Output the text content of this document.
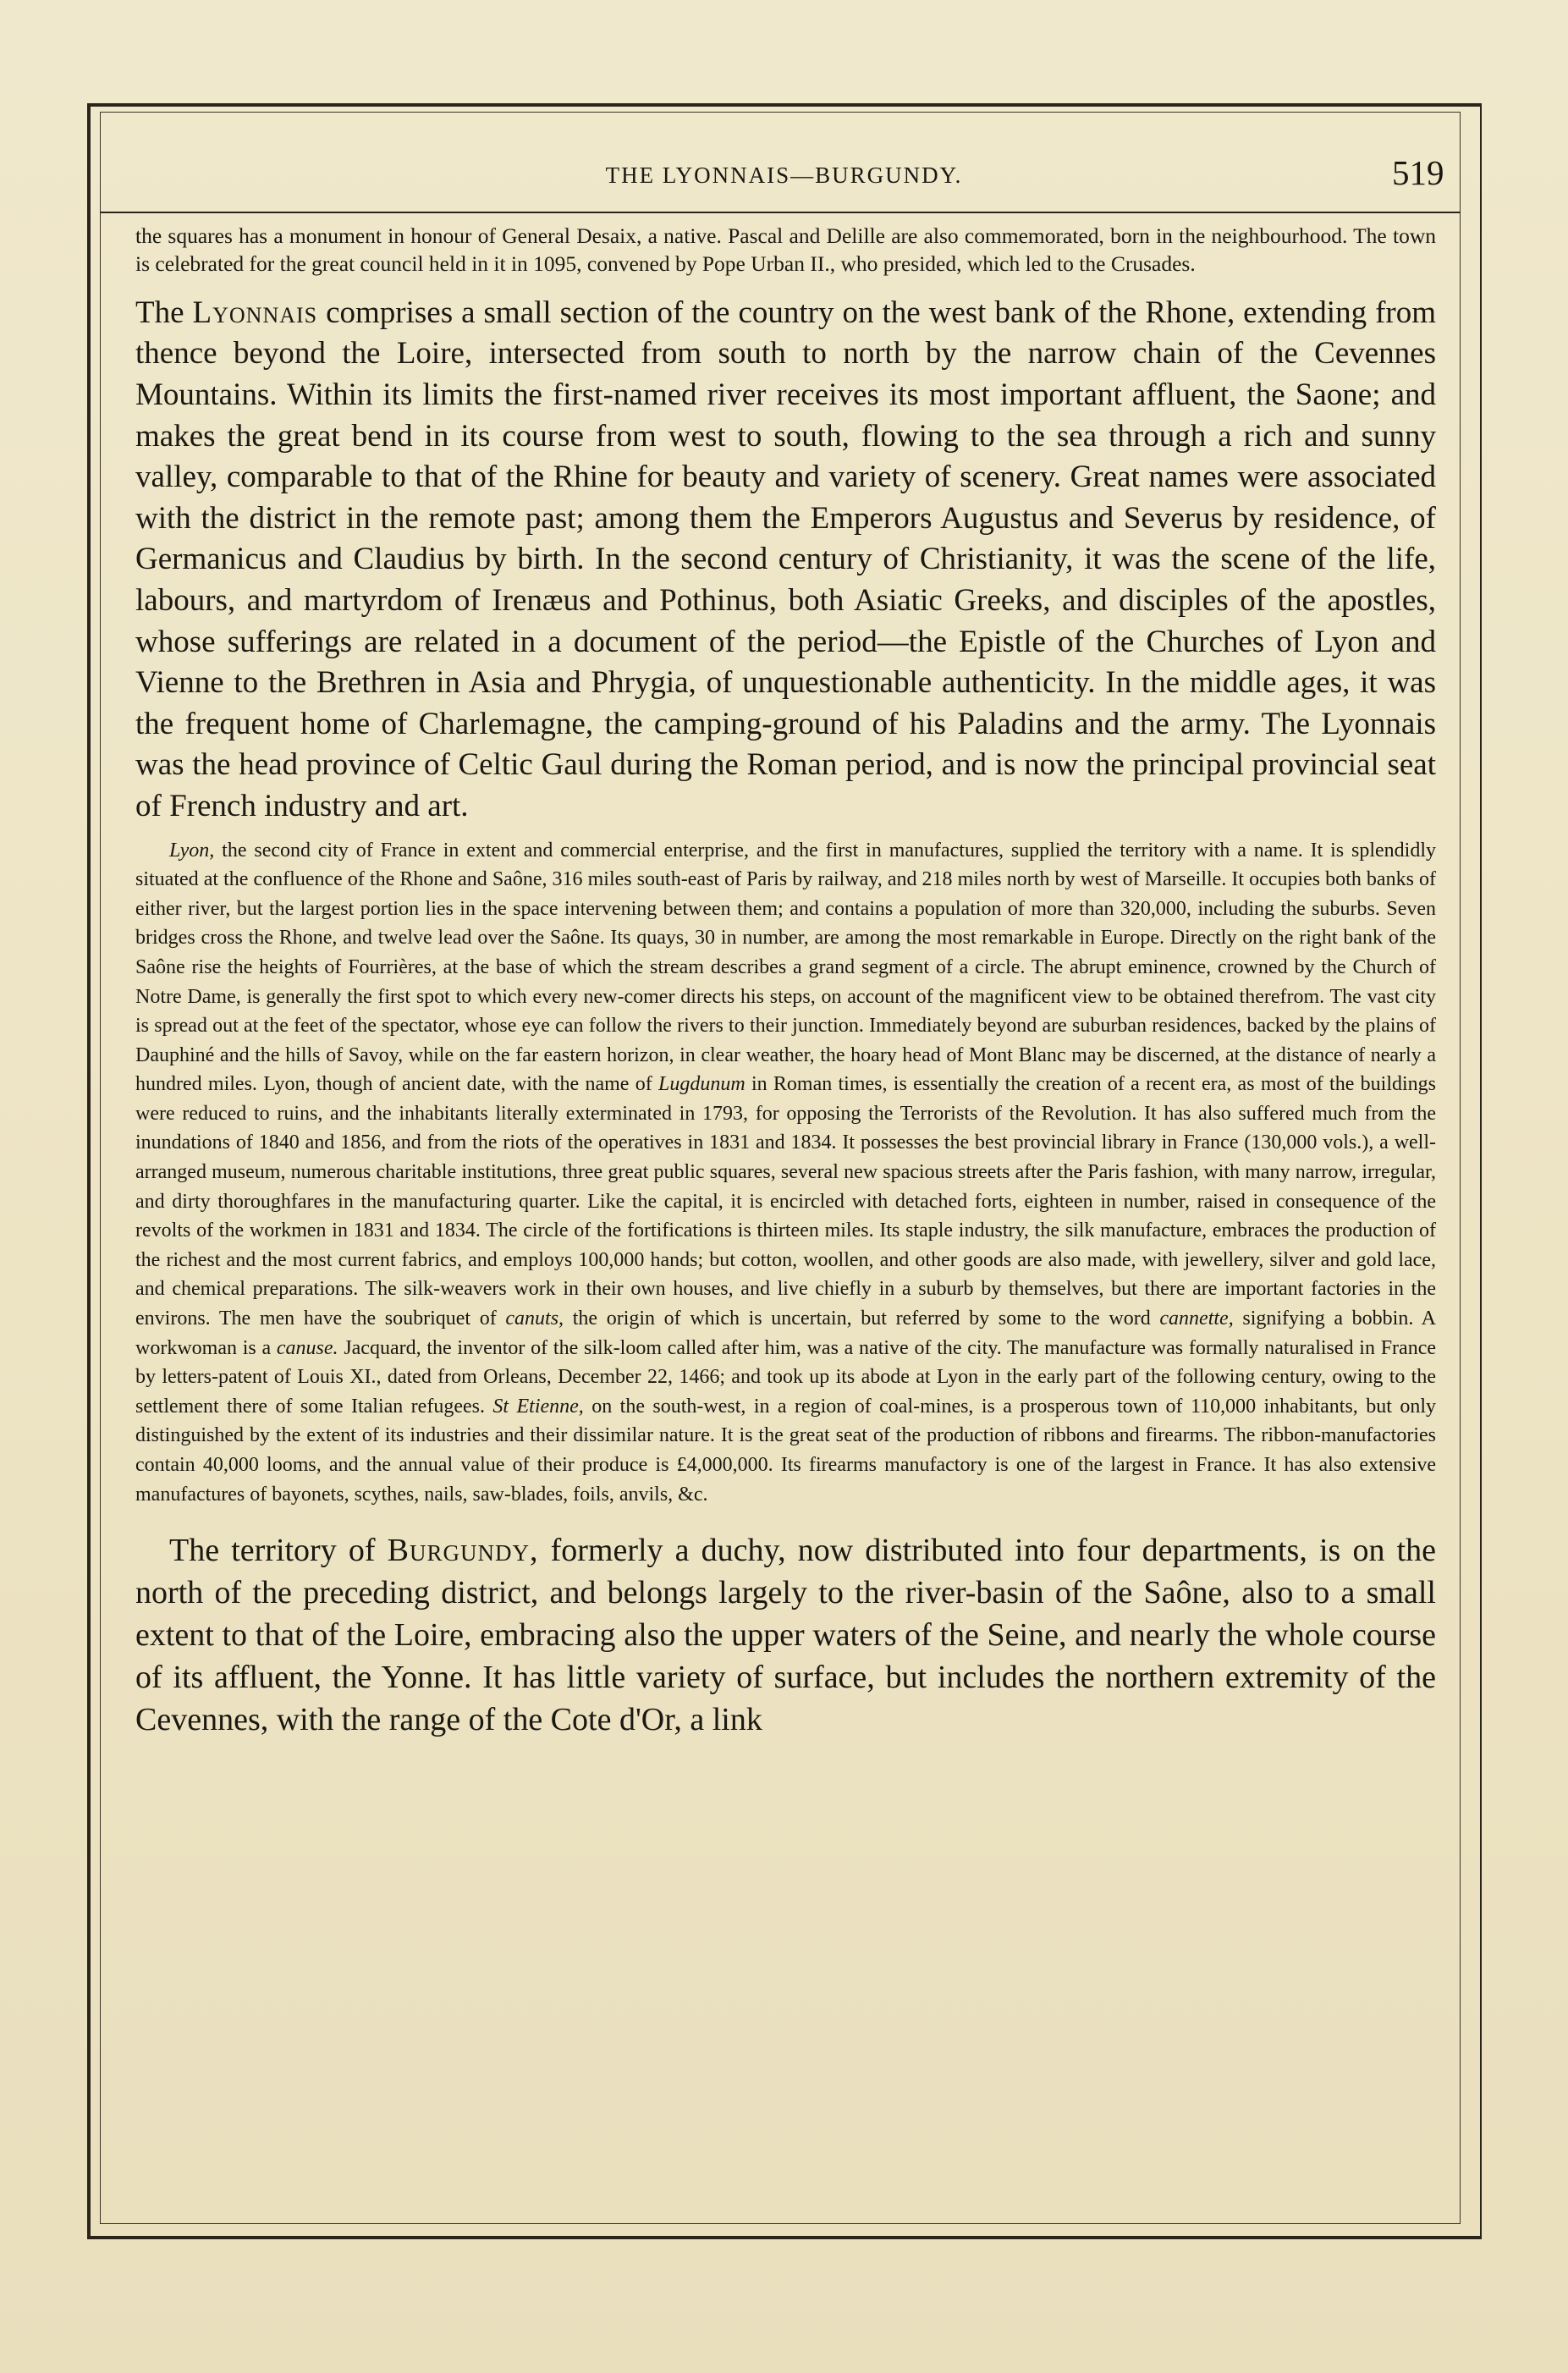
THE LYONNAIS—BURGUNDY.	519

the squares has a monument in honour of General Desaix, a native. Pascal and Delille are also commemorated, born in the neighbourhood. The town is celebrated for the great council held in it in 1095, convened by Pope Urban II., who presided, which led to the Crusades.

The Lyonnais comprises a small section of the country on the west bank of the Rhone, extending from thence beyond the Loire, intersected from south to north by the narrow chain of the Cevennes Mountains. Within its limits the first-named river receives its most important affluent, the Saone; and makes the great bend in its course from west to south, flowing to the sea through a rich and sunny valley, comparable to that of the Rhine for beauty and variety of scenery. Great names were associated with the district in the remote past; among them the Emperors Augustus and Severus by residence, of Germanicus and Claudius by birth. In the second century of Christianity, it was the scene of the life, labours, and martyrdom of Irenæus and Pothinus, both Asiatic Greeks, and disciples of the apostles, whose sufferings are related in a document of the period—the Epistle of the Churches of Lyon and Vienne to the Brethren in Asia and Phrygia, of unquestionable authenticity. In the middle ages, it was the frequent home of Charlemagne, the camping-ground of his Paladins and the army. The Lyonnais was the head province of Celtic Gaul during the Roman period, and is now the principal provincial seat of French industry and art.

Lyon, the second city of France in extent and commercial enterprise, and the first in manufactures, supplied the territory with a name. It is splendidly situated at the confluence of the Rhone and Saône, 316 miles south-east of Paris by railway, and 218 miles north by west of Marseille. It occupies both banks of either river, but the largest portion lies in the space intervening between them; and contains a population of more than 320,000, including the suburbs. Seven bridges cross the Rhone, and twelve lead over the Saône. Its quays, 30 in number, are among the most remarkable in Europe. Directly on the right bank of the Saône rise the heights of Fourrières, at the base of which the stream describes a grand segment of a circle. The abrupt eminence, crowned by the Church of Notre Dame, is generally the first spot to which every new-comer directs his steps, on account of the magnificent view to be obtained therefrom. The vast city is spread out at the feet of the spectator, whose eye can follow the rivers to their junction. Immediately beyond are suburban residences, backed by the plains of Dauphiné and the hills of Savoy, while on the far eastern horizon, in clear weather, the hoary head of Mont Blanc may be discerned, at the distance of nearly a hundred miles. Lyon, though of ancient date, with the name of Lugdunum in Roman times, is essentially the creation of a recent era, as most of the buildings were reduced to ruins, and the inhabitants literally exterminated in 1793, for opposing the Terrorists of the Revolution. It has also suffered much from the inundations of 1840 and 1856, and from the riots of the operatives in 1831 and 1834. It possesses the best provincial library in France (130,000 vols.), a well-arranged museum, numerous charitable institutions, three great public squares, several new spacious streets after the Paris fashion, with many narrow, irregular, and dirty thoroughfares in the manufacturing quarter. Like the capital, it is encircled with detached forts, eighteen in number, raised in consequence of the revolts of the workmen in 1831 and 1834. The circle of the fortifications is thirteen miles. Its staple industry, the silk manufacture, embraces the production of the richest and the most current fabrics, and employs 100,000 hands; but cotton, woollen, and other goods are also made, with jewellery, silver and gold lace, and chemical preparations. The silk-weavers work in their own houses, and live chiefly in a suburb by themselves, but there are important factories in the environs. The men have the soubriquet of canuts, the origin of which is uncertain, but referred by some to the word cannette, signifying a bobbin. A workwoman is a canuse. Jacquard, the inventor of the silk-loom called after him, was a native of the city. The manufacture was formally naturalised in France by letters-patent of Louis XI., dated from Orleans, December 22, 1466; and took up its abode at Lyon in the early part of the following century, owing to the settlement there of some Italian refugees. St Etienne, on the south-west, in a region of coal-mines, is a prosperous town of 110,000 inhabitants, but only distinguished by the extent of its industries and their dissimilar nature. It is the great seat of the production of ribbons and firearms. The ribbon-manufactories contain 40,000 looms, and the annual value of their produce is £4,000,000. Its firearms manufactory is one of the largest in France. It has also extensive manufactures of bayonets, scythes, nails, saw-blades, foils, anvils, &c.

The territory of Burgundy, formerly a duchy, now distributed into four departments, is on the north of the preceding district, and belongs largely to the river-basin of the Saône, also to a small extent to that of the Loire, embracing also the upper waters of the Seine, and nearly the whole course of its affluent, the Yonne. It has little variety of surface, but includes the northern extremity of the Cevennes, with the range of the Cote d'Or, a link
